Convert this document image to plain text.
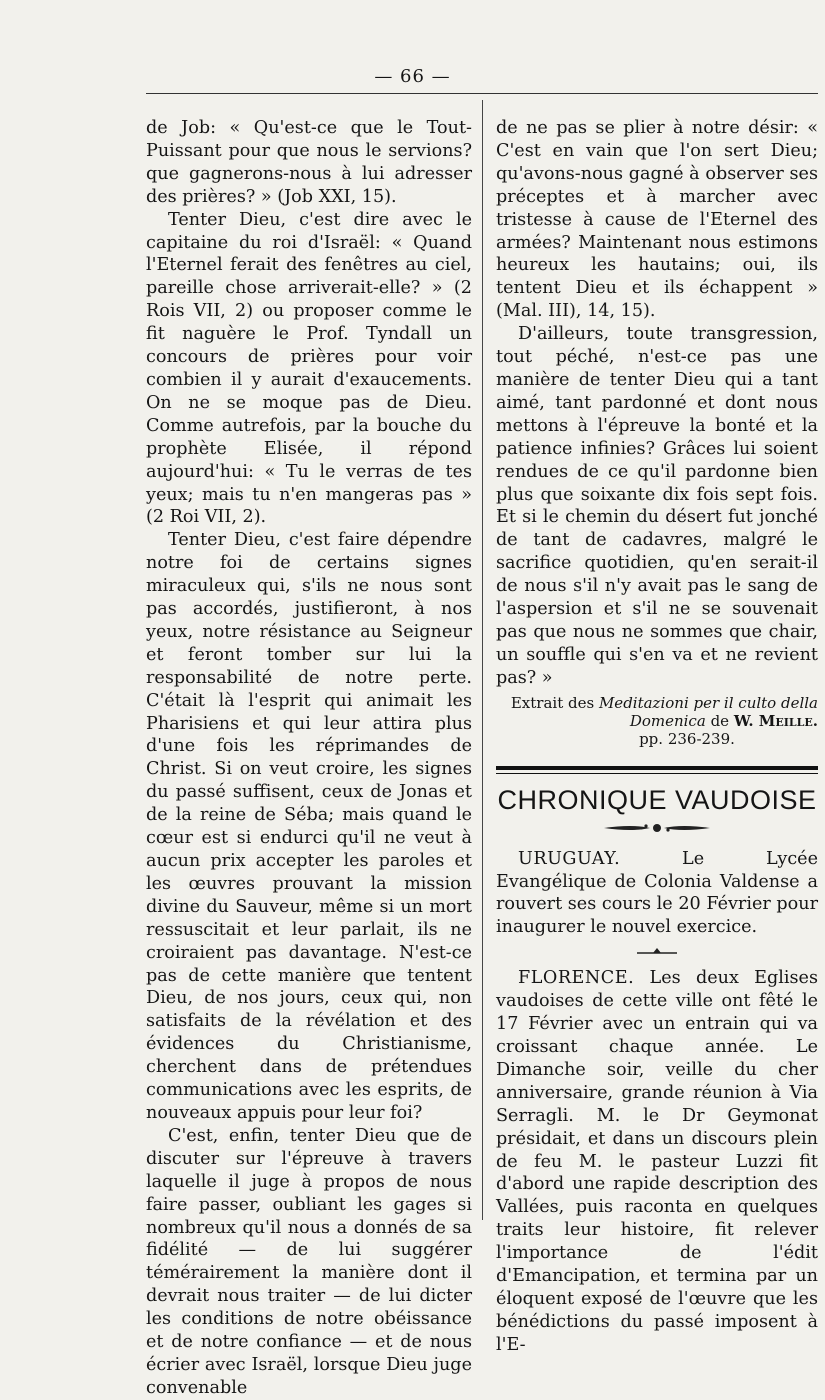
— 66 —

de Job: « Qu'est-ce que le Tout-Puissant pour que nous le servions? que gagnerons-nous à lui adresser des prières? » (Job XXI, 15).

Tenter Dieu, c'est dire avec le capitaine du roi d'Israël: « Quand l'Eternel ferait des fenêtres au ciel, pareille chose arriverait-elle? » (2 Rois VII, 2) ou proposer comme le fit naguère le Prof. Tyndall un concours de prières pour voir combien il y aurait d'exaucements. On ne se moque pas de Dieu. Comme autrefois, par la bouche du prophète Elisée, il répond aujourd'hui: « Tu le verras de tes yeux; mais tu n'en mangeras pas » (2 Roi VII, 2).

Tenter Dieu, c'est faire dépendre notre foi de certains signes miraculeux qui, s'ils ne nous sont pas accordés, justifieront, à nos yeux, notre résistance au Seigneur et feront tomber sur lui la responsabilité de notre perte. C'était là l'esprit qui animait les Pharisiens et qui leur attira plus d'une fois les réprimandes de Christ. Si on veut croire, les signes du passé suffisent, ceux de Jonas et de la reine de Séba; mais quand le cœur est si endurci qu'il ne veut à aucun prix accepter les paroles et les œuvres prouvant la mission divine du Sauveur, même si un mort ressuscitait et leur parlait, ils ne croiraient pas davantage. N'est-ce pas de cette manière que tentent Dieu, de nos jours, ceux qui, non satisfaits de la révélation et des évidences du Christianisme, cherchent dans de prétendues communications avec les esprits, de nouveaux appuis pour leur foi?

C'est, enfin, tenter Dieu que de discuter sur l'épreuve à travers laquelle il juge à propos de nous faire passer, oubliant les gages si nombreux qu'il nous a donnés de sa fidélité — de lui suggérer témérairement la manière dont il devrait nous traiter — de lui dicter les conditions de notre obéissance et de notre confiance — et de nous écrier avec Israël, lorsque Dieu juge convenable

de ne pas se plier à notre désir: « C'est en vain que l'on sert Dieu; qu'avons-nous gagné à observer ses préceptes et à marcher avec tristesse à cause de l'Eternel des armées? Maintenant nous estimons heureux les hautains; oui, ils tentent Dieu et ils échappent » (Mal. III), 14, 15).

D'ailleurs, toute transgression, tout péché, n'est-ce pas une manière de tenter Dieu qui a tant aimé, tant pardonné et dont nous mettons à l'épreuve la bonté et la patience infinies? Grâces lui soient rendues de ce qu'il pardonne bien plus que soixante dix fois sept fois. Et si le chemin du désert fut jonché de tant de cadavres, malgré le sacrifice quotidien, qu'en serait-il de nous s'il n'y avait pas le sang de l'aspersion et s'il ne se souvenait pas que nous ne sommes que chair, un souffle qui s'en va et ne revient pas? »

Extrait des Meditazioni per il culto della Domenica de W. Meille.
pp. 236-239.
CHRONIQUE VAUDOISE

URUGUAY.	Le Lycée Evangélique de Colonia Valdense a rouvert ses cours le 20 Février pour inaugurer le nouvel exercice.

FLORENCE. Les deux Eglises vaudoises de cette ville ont fêté le 17 Février avec un entrain qui va croissant chaque année. Le Dimanche soir, veille du cher anniversaire, grande réunion à Via Serragli. M. le Dr Geymonat présidait, et dans un discours plein de feu M. le pasteur Luzzi fit d'abord une rapide description des Vallées, puis raconta en quelques traits leur histoire, fit relever l'importance de l'édit d'Emancipation, et termina par un éloquent exposé de l'œuvre que les bénédictions du passé imposent à l'E-
